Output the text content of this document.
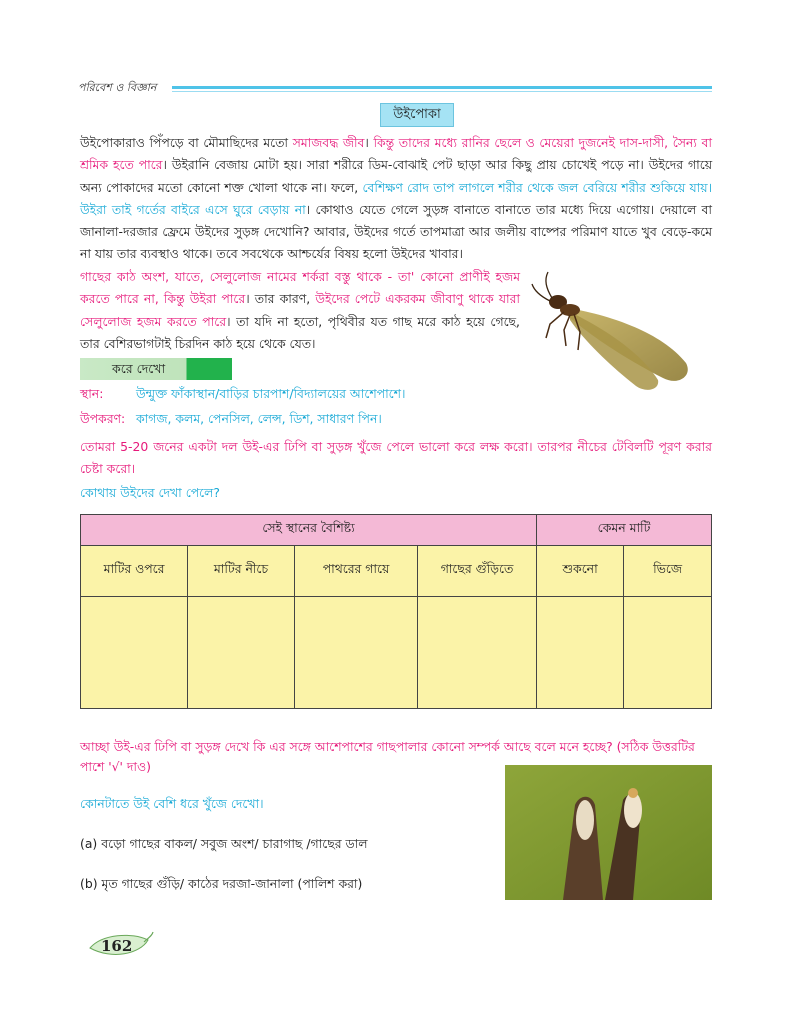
পরিবেশ ও বিজ্ঞান
উইপোকা
উইপোকারাও পিঁপড়ে বা মৌমাছিদের মতো সমাজবদ্ধ জীব। কিন্তু তাদের মধ্যে রানির ছেলে ও মেয়েরা দুজনেই দাস-দাসী, সৈন্য বা শ্রমিক হতে পারে। উইরানি বেজায় মোটা হয়। সারা শরীরে ডিম-বোঝাই পেট ছাড়া আর কিছু প্রায় চোখেই পড়ে না। উইদের গায়ে অন্য পোকাদের মতো কোনো শক্ত খোলা থাকে না। ফলে, বেশিক্ষণ রোদ তাপ লাগলে শরীর থেকে জল বেরিয়ে শরীর শুকিয়ে যায়। উইরা তাই গর্তের বাইরে এসে ঘুরে বেড়ায় না। কোথাও যেতে গেলে সুড়ঙ্গ বানাতে বানাতে তার মধ্যে দিয়ে এগোয়। দেয়ালে বা জানালা-দরজার ফ্রেমে উইদের সুড়ঙ্গ দেখোনি? আবার, উইদের গর্তে তাপমাত্রা আর জলীয় বাষ্পের পরিমাণ যাতে খুব বেড়ে-কমে না যায় তার ব্যবস্থাও থাকে। তবে সবথেকে আশ্চর্যের বিষয় হলো উইদের খাবার।
গাছের কাঠ অংশ, যাতে, সেলুলোজ নামের শর্করা বস্তু থাকে - তা' কোনো প্রাণীই হজম করতে পারে না, কিন্তু উইরা পারে। তার কারণ, উইদের পেটে একরকম জীবাণু থাকে যারা সেলুলোজ হজম করতে পারে। তা যদি না হতো, পৃথিবীর যত গাছ মরে কাঠ হয়ে গেছে, তার বেশিরভাগটাই চিরদিন কাঠ হয়ে থেকে যেত।
করে দেখো
স্থান:	উন্মুক্ত ফাঁকাস্থান/বাড়ির চারপাশ/বিদ্যালয়ের আশেপাশে।
উপকরণ: কাগজ, কলম, পেনসিল, লেন্স, ডিশ, সাধারণ পিন।
তোমরা 5-20 জনের একটা দল উই-এর ঢিপি বা সুড়ঙ্গ খুঁজে পেলে ভালো করে লক্ষ করো। তারপর নীচের টেবিলটি পূরণ করার চেষ্টা করো।
কোথায় উইদের দেখা পেলে?
সেই স্থানের বৈশিষ্ট্য				কেমন মাটি	
মাটির ওপরে	মাটির নীচে	পাথরের গায়ে	গাছের গুঁড়িতে	শুকনো	ভিজে

আচ্ছা উই-এর ঢিপি বা সুড়ঙ্গ দেখে কি এর সঙ্গে আশেপাশের গাছপালার কোনো সম্পর্ক আছে বলে মনে হচ্ছে? (সঠিক উত্তরটির পাশে '√' দাও)
কোনটাতে উই বেশি ধরে খুঁজে দেখো।
(a) বড়ো গাছের বাকল/ সবুজ অংশ/ চারাগাছ /গাছের ডাল
(b) মৃত গাছের গুঁড়ি/ কাঠের দরজা-জানালা (পালিশ করা)
162
